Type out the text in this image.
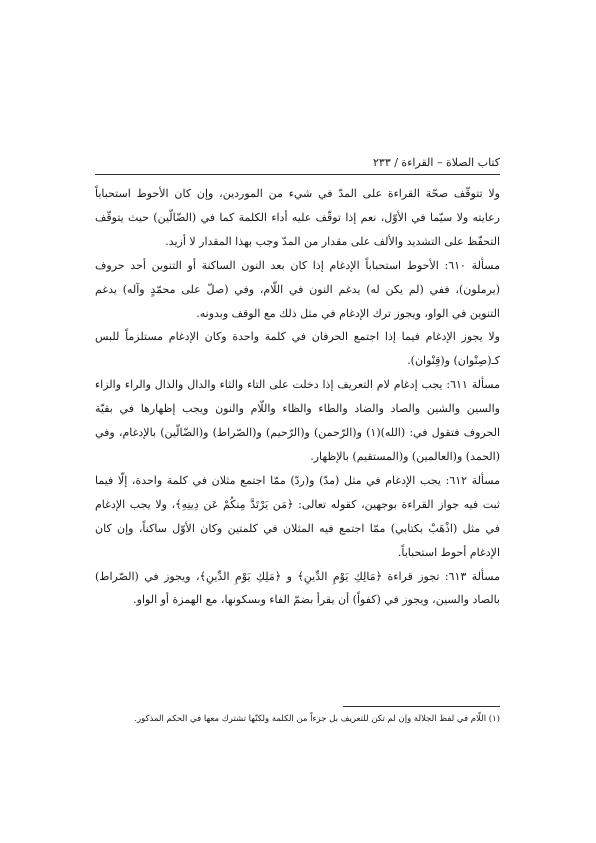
كتاب الصلاة – القراءة / ٢٣٣

ولا تتوقّف صحّة القراءة على المدّ في شيء من الموردين، وإن كان الأحوط استحباباً رعايته ولا سيّما في الأوّل، نعم إذا توقّف عليه أداء الكلمة كما في (الضّالّين) حيث يتوقّف التحفّظ على التشديد والألف على مقدار من المدّ وجب بهذا المقدار لا أزيد.

مسألة ٦١٠: الأحوط استحباباً الإدغام إذا كان بعد النون الساكنة أو التنوين أحد حروف (يرملون)، ففي (لم يكن له) يدغم النون في اللّام، وفي (صلّ على محمّدٍ وآله) يدغم التنوين في الواو، ويجوز ترك الإدغام في مثل ذلك مع الوقف وبدونه.

ولا يجوز الإدغام فيما إذا اجتمع الحرفان في كلمة واحدة وكان الإدغام مستلزماً للبس كـ(صِنْوان) و(قِنْوان).

مسألة ٦١١: يجب إدغام لام التعريف إذا دخلت على التاء والثاء والدال والذال والراء والزاء والسين والشين والصاد والضاد والطاء والظاء واللّام والنون ويجب إظهارها في بقيّة الحروف فتقول في: (الله)(١) و(الرّحمن) و(الرّحيم) و(الصّراط) و(الضّالّين) بالإدغام، وفي (الحمد) و(العالمين) و(المستقيم) بالإظهار.

مسألة ٦١٢: يجب الإدغام في مثل (مدّ) و(ردّ) ممّا اجتمع مثلان في كلمة واحدة، إلّا فيما ثبت فيه جواز القراءة بوجهين، كقوله تعالى: ﴿مَن يَرْتَدَّ مِنكُمْ عَن دِينِهِ﴾، ولا يجب الإدغام في مثل (اذْهَبْ بكتابي) ممّا اجتمع فيه المثلان في كلمتين وكان الأوّل ساكناً، وإن كان الإدغام أحوط استحباباً.

مسألة ٦١٣: تجوز قراءة ﴿مَالِكِ يَوْمِ الدِّينِ﴾ و ﴿مَلِكِ يَوْمِ الدِّينِ﴾، ويجوز في (الصّراط) بالصاد والسين، ويجوز في (كفواً) أن يقرأ بضمّ الفاء وبسكونها، مع الهمزة أو الواو.

(١) اللّام في لفظ الجلالة وإن لم تكن للتعريف بل جزءاً من الكلمة ولكنّها تشترك معها في الحكم المذكور.
